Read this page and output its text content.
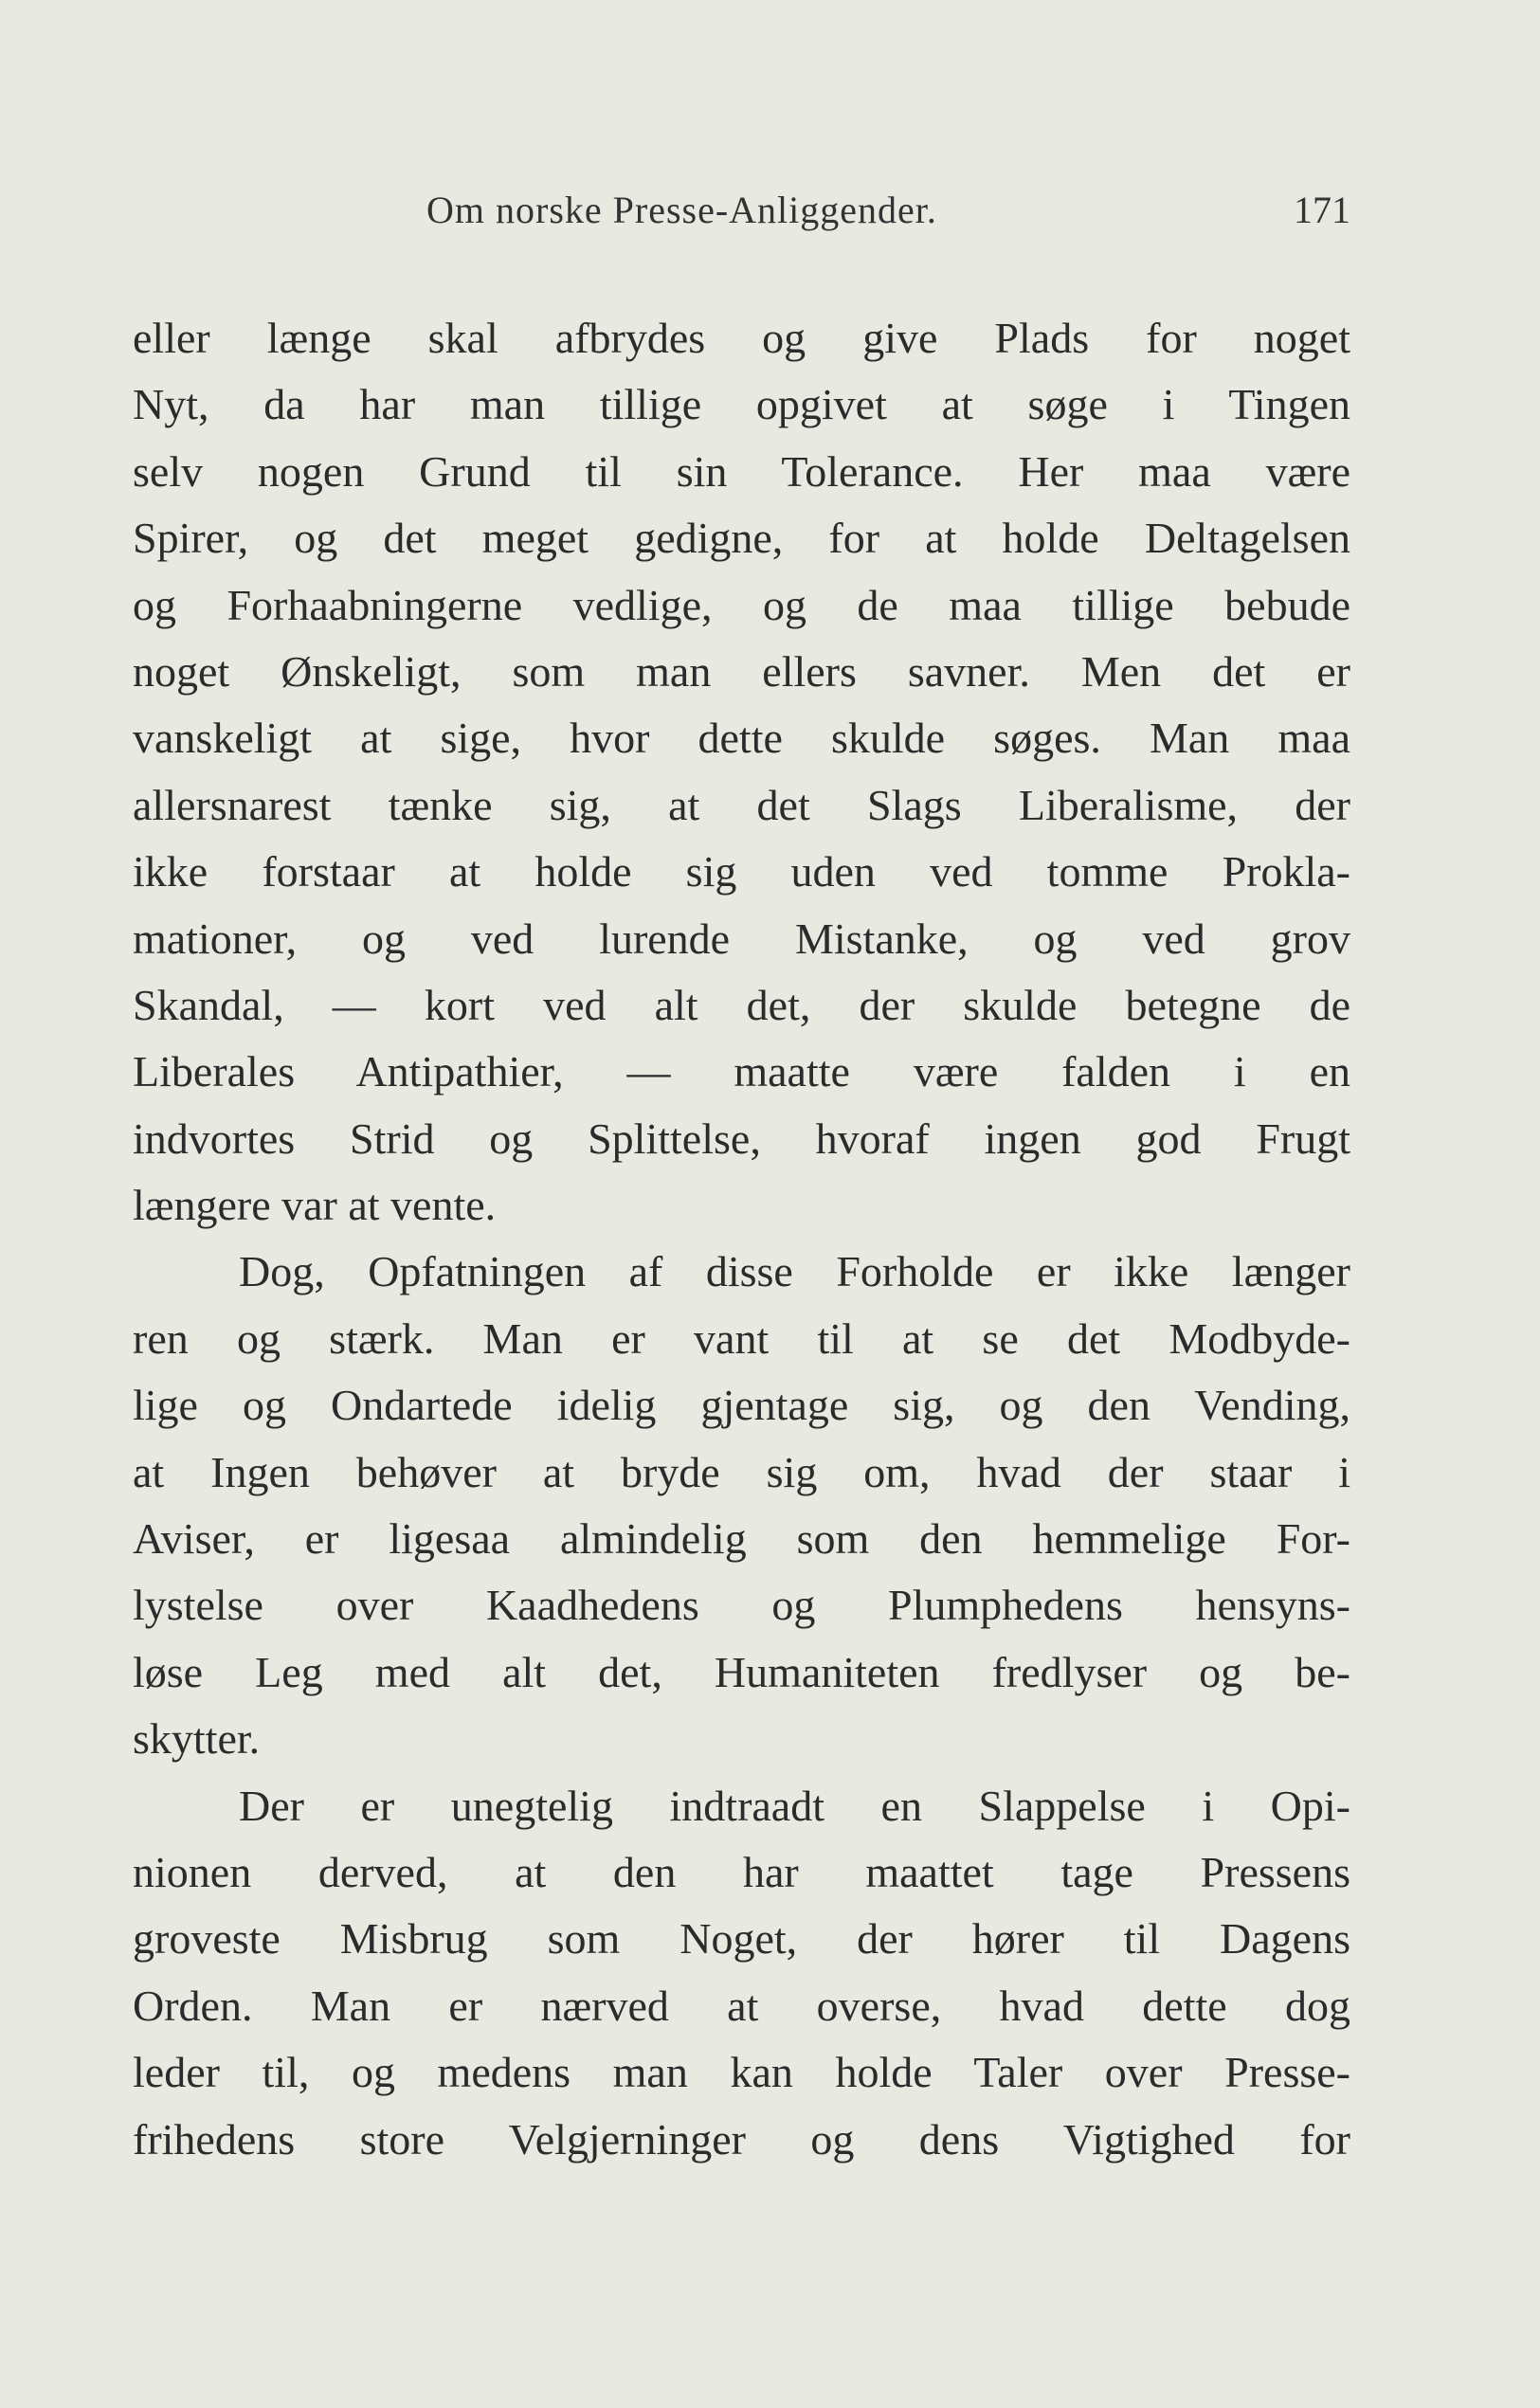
Om norske Presse-Anliggender.	171
eller længe skal afbrydes og give Plads for noget
Nyt, da har man tillige opgivet at søge i Tingen
selv nogen Grund til sin Tolerance. Her maa være
Spirer, og det meget gedigne, for at holde Deltagelsen
og Forhaabningerne vedlige, og de maa tillige bebude
noget Ønskeligt, som man ellers savner. Men det er
vanskeligt at sige, hvor dette skulde søges. Man maa
allersnarest tænke sig, at det Slags Liberalisme, der
ikke forstaar at holde sig uden ved tomme Prokla-
mationer, og ved lurende Mistanke, og ved grov
Skandal, — kort ved alt det, der skulde betegne de
Liberales Antipathier, — maatte være falden i en
indvortes Strid og Splittelse, hvoraf ingen god Frugt
længere var at vente.
Dog, Opfatningen af disse Forholde er ikke længer
ren og stærk. Man er vant til at se det Modbyde-
lige og Ondartede idelig gjentage sig, og den Vending,
at Ingen behøver at bryde sig om, hvad der staar i
Aviser, er ligesaa almindelig som den hemmelige For-
lystelse over Kaadhedens og Plumphedens hensyns-
løse Leg med alt det, Humaniteten fredlyser og be-
skytter.
Der er unegtelig indtraadt en Slappelse i Opi-
nionen derved, at den har maattet tage Pressens
groveste Misbrug som Noget, der hører til Dagens
Orden. Man er nærved at overse, hvad dette dog
leder til, og medens man kan holde Taler over Presse-
frihedens store Velgjerninger og dens Vigtighed for
